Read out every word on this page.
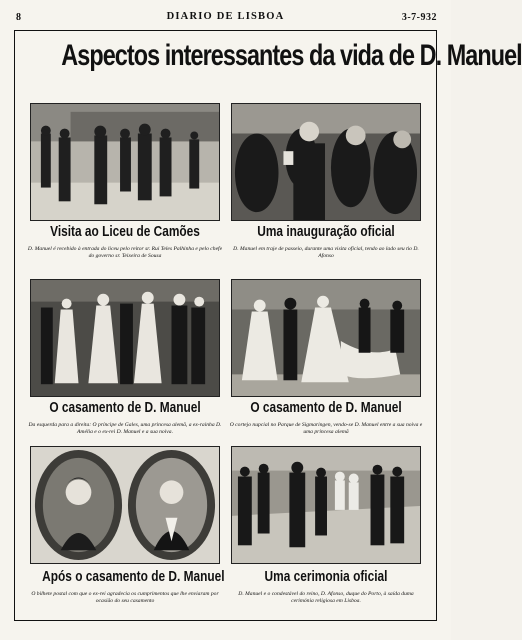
8	DIARIO DE LISBOA	3-7-932
Aspectos interessantes da vida de D. Manuel
Visita ao Liceu de Camões
D. Manuel é recebido à entrada do liceu pelo reitor sr. Rui Teles Palhinha e pelo chefe do governo sr. Teixeira de Sousa
Uma inauguração oficial
D. Manuel em traje de passeio, durante uma visita oficial, tendo ao lado seu tio D. Afonso
O casamento de D. Manuel
Da esquerda para a direita: O príncipe de Gales, uma princesa alemã, a ex-rainha D. Amélia e o ex-rei D. Manuel e a sua noiva.
O casamento de D. Manuel
O cortejo nupcial no Parque de Sigmaringen, vendo-se D. Manuel entre a sua noiva e uma princesa alemã
Após o casamento de D. Manuel
O bilhete postal com que o ex-rei agradecia os cumprimentos que lhe enviaram por ocasião do seu casamento
Uma cerimonia oficial
D. Manuel e o condestável do reino, D. Afonso, duque do Porto, à saída duma cerimónia religiosa em Lisboa.
